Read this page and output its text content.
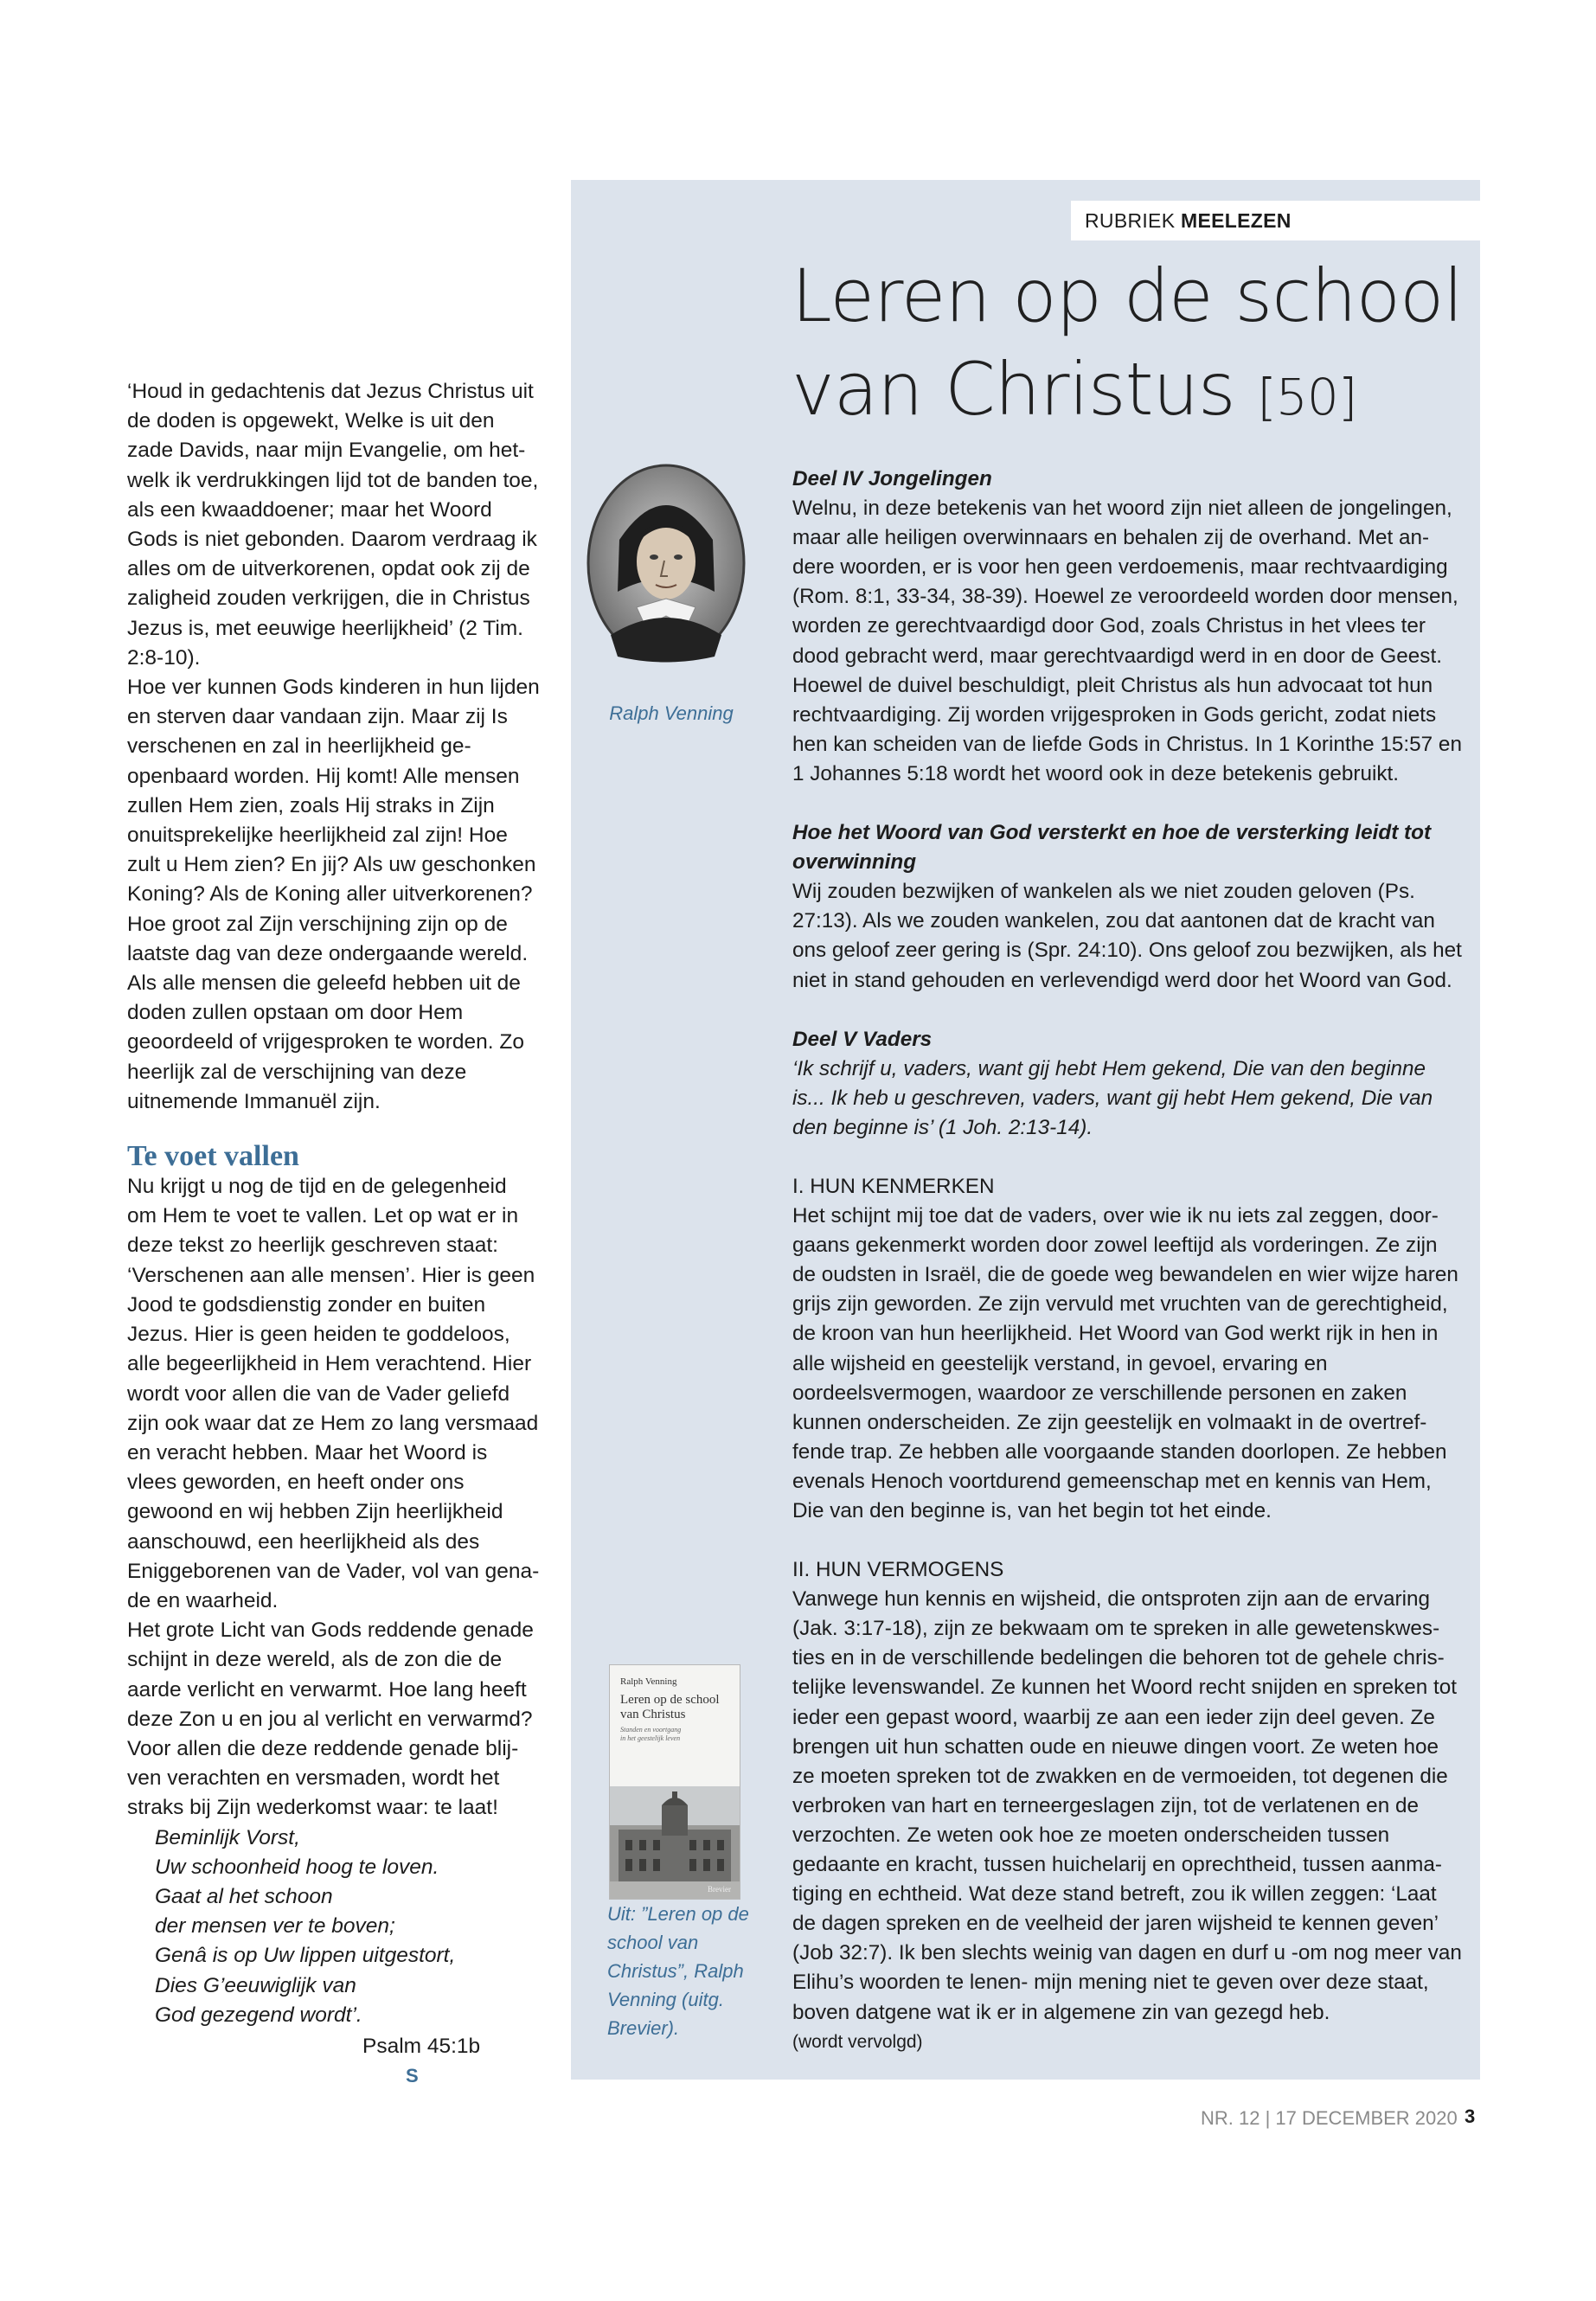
‘Houd in gedachtenis dat Jezus Christus uit de doden is opgewekt, Welke is uit den zade Davids, naar mijn Evangelie, om hetwelk ik verdrukkingen lijd tot de banden toe, als een kwaaddoener; maar het Woord Gods is niet gebonden. Daarom verdraag ik alles om de uitverkorenen, opdat ook zij de zaligheid zouden verkrijgen, die in Christus Jezus is, met eeuwige heerlijkheid’ (2 Tim. 2:8-10).

Hoe ver kunnen Gods kinderen in hun lijden en sterven daar vandaan zijn. Maar zij Is verschenen en zal in heerlijkheid geopenbaard worden. Hij komt! Alle mensen zullen Hem zien, zoals Hij straks in Zijn onuitsprekelijke heerlijkheid zal zijn! Hoe zult u Hem zien? En jij? Als uw geschonken Koning? Als de Koning aller uitverkorenen?

Hoe groot zal Zijn verschijning zijn op de laatste dag van deze ondergaande wereld. Als alle mensen die geleefd hebben uit de doden zullen opstaan om door Hem geoordeeld of vrijgesproken te worden. Zo heerlijk zal de verschijning van deze uitnemende Immanuël zijn.

Te voet vallen

Nu krijgt u nog de tijd en de gelegenheid om Hem te voet te vallen. Let op wat er in deze tekst zo heerlijk geschreven staat: ‘Verschenen aan alle mensen’. Hier is geen Jood te godsdienstig zonder en buiten Jezus. Hier is geen heiden te goddeloos, alle begeerlijkheid in Hem verachtend. Hier wordt voor allen die van de Vader geliefd zijn ook waar dat ze Hem zo lang versmaad en veracht hebben. Maar het Woord is vlees geworden, en heeft onder ons gewoond en wij hebben Zijn heerlijkheid aanschouwd, een heerlijkheid als des Eniggeborenen van de Vader, vol van genade en waarheid.

Het grote Licht van Gods reddende genade schijnt in deze wereld, als de zon die de aarde verlicht en verwarmt. Hoe lang heeft deze Zon u en jou al verlicht en verwarmd? Voor allen die deze reddende genade blijven verachten en versmaden, wordt het straks bij Zijn wederkomst waar: te laat!

Beminlijk Vorst,
Uw schoonheid hoog te loven.
Gaat al het schoon
der mensen ver te boven;
Genâ is op Uw lippen uitgestort,
Dies G’eeuwiglijk van
God gezegend wordt’.
Psalm 45:1b S
RUBRIEK MEELEZEN
Leren op de school
van Christus [50]
Ralph Venning

Deel IV Jongelingen

Welnu, in deze betekenis van het woord zijn niet alleen de jongelingen, maar alle heiligen overwinnaars en behalen zij de overhand. Met andere woorden, er is voor hen geen verdoemenis, maar rechtvaardiging (Rom. 8:1, 33-34, 38-39). Hoewel ze veroordeeld worden door mensen, worden ze gerechtvaardigd door God, zoals Christus in het vlees ter dood gebracht werd, maar gerechtvaardigd werd in en door de Geest. Hoewel de duivel beschuldigt, pleit Christus als hun advocaat tot hun rechtvaardiging. Zij worden vrijgesproken in Gods gericht, zodat niets hen kan scheiden van de liefde Gods in Christus. In 1 Korinthe 15:57 en 1 Johannes 5:18 wordt het woord ook in deze betekenis gebruikt.

Hoe het Woord van God versterkt en hoe de versterking leidt tot overwinning

Wij zouden bezwijken of wankelen als we niet zouden geloven (Ps. 27:13). Als we zouden wankelen, zou dat aantonen dat de kracht van ons geloof zeer gering is (Spr. 24:10). Ons geloof zou bezwijken, als het niet in stand gehouden en verlevendigd werd door het Woord van God.

Deel V Vaders

‘Ik schrijf u, vaders, want gij hebt Hem gekend, Die van den beginne is... Ik heb u geschreven, vaders, want gij hebt Hem gekend, Die van den beginne is’ (1 Joh. 2:13-14).

I. HUN KENMERKEN

Het schijnt mij toe dat de vaders, over wie ik nu iets zal zeggen, doorgaans gekenmerkt worden door zowel leeftijd als vorderingen. Ze zijn de oudsten in Israël, die de goede weg bewandelen en wier wijze haren grijs zijn geworden. Ze zijn vervuld met vruchten van de gerechtigheid, de kroon van hun heerlijkheid. Het Woord van God werkt rijk in hen in alle wijsheid en geestelijk verstand, in gevoel, ervaring en oordeelsvermogen, waardoor ze verschillende personen en zaken kunnen onderscheiden. Ze zijn geestelijk en volmaakt in de overtreffende trap. Ze hebben alle voorgaande standen doorlopen. Ze hebben evenals Henoch voortdurend gemeenschap met en kennis van Hem, Die van den beginne is, van het begin tot het einde.

II. HUN VERMOGENS

Vanwege hun kennis en wijsheid, die ontsproten zijn aan de ervaring (Jak. 3:17-18), zijn ze bekwaam om te spreken in alle gewetenskwesties en in de verschillende bedelingen die behoren tot de gehele christelijke levenswandel. Ze kunnen het Woord recht snijden en spreken tot ieder een gepast woord, waarbij ze aan een ieder zijn deel geven. Ze brengen uit hun schatten oude en nieuwe dingen voort. Ze weten hoe ze moeten spreken tot de zwakken en de vermoeiden, tot degenen die verbroken van hart en terneergeslagen zijn, tot de verlatenen en de verzochten. Ze weten ook hoe ze moeten onderscheiden tussen gedaante en kracht, tussen huichelarij en oprechtheid, tussen aanmatiging en echtheid. Wat deze stand betreft, zou ik willen zeggen: ‘Laat de dagen spreken en de veelheid der jaren wijsheid te kennen geven’ (Job 32:7). Ik ben slechts weinig van dagen en durf u -om nog meer van Elihu’s woorden te lenen- mijn mening niet te geven over deze staat, boven datgene wat ik er in algemene zin van gezegd heb.

(wordt vervolgd)

Ralph Venning
Leren op de school
van Christus
Standen en voortgang
in het geestelijk leven
Brevier
Uit: ”Leren op de school van Christus”, Ralph Venning (uitg. Brevier).
NR. 12 | 17 DECEMBER 2020 3
